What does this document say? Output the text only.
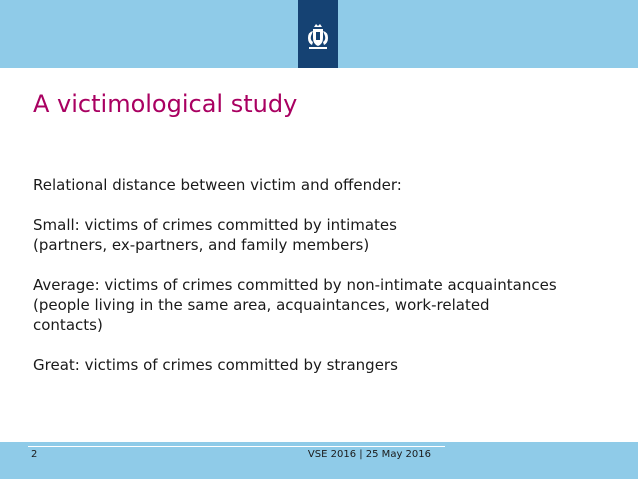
A victimological study

Relational distance between victim and offender:

Small: victims of crimes committed by intimates
(partners, ex-partners, and family members)

Average: victims of crimes committed by non-intimate acquaintances
(people living in the same area, acquaintances, work-related
contacts)

Great: victims of crimes committed by strangers

2	VSE 2016 | 25 May 2016
